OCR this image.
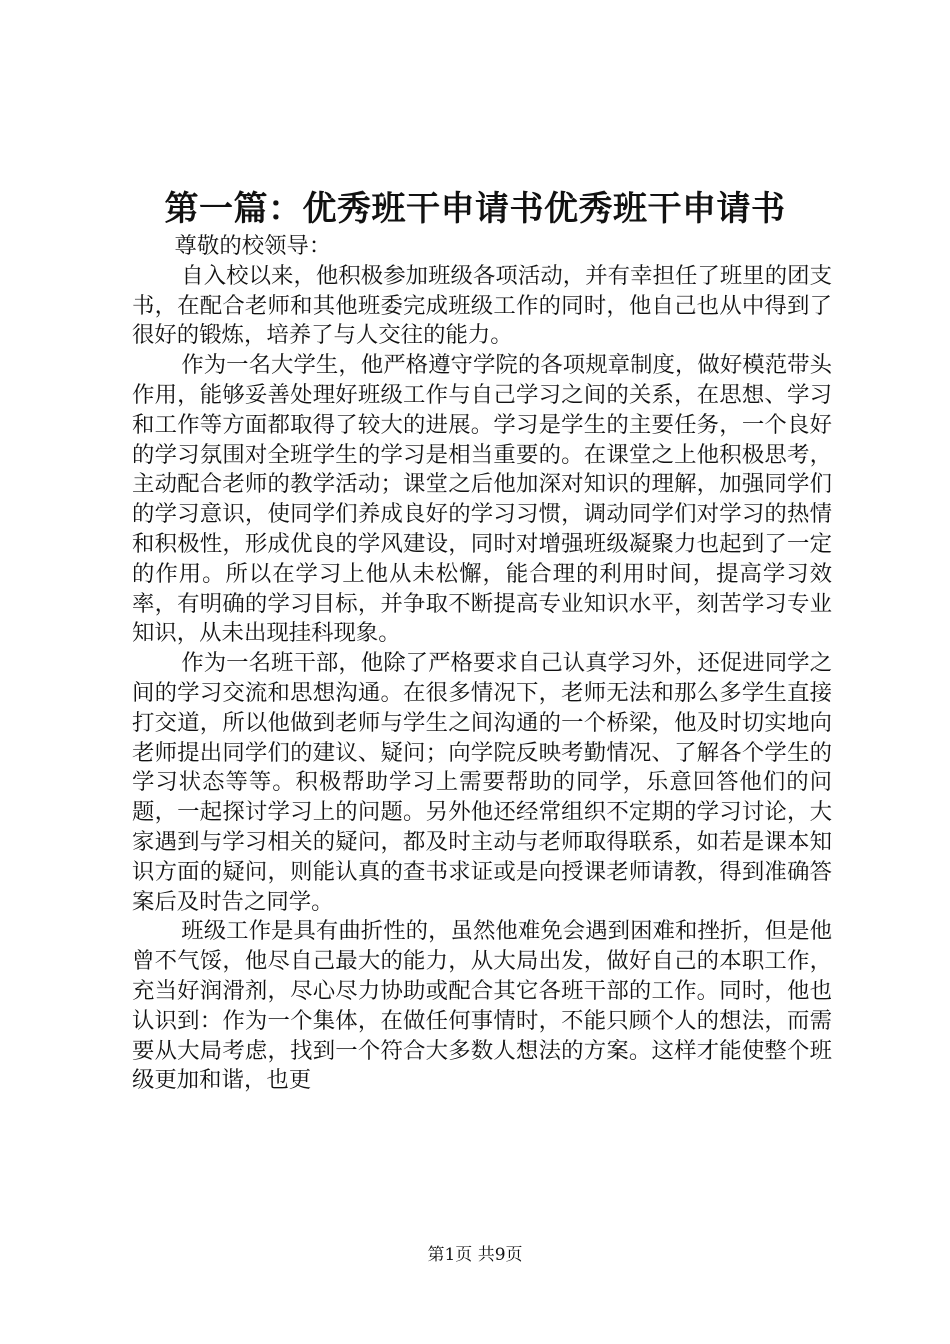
第一篇：优秀班干申请书优秀班干申请书

尊敬的校领导：

自入校以来，他积极参加班级各项活动，并有幸担任了班里的团支书，在配合老师和其他班委完成班级工作的同时，他自己也从中得到了很好的锻炼，培养了与人交往的能力。

作为一名大学生，他严格遵守学院的各项规章制度，做好模范带头作用，能够妥善处理好班级工作与自己学习之间的关系，在思想、学习和工作等方面都取得了较大的进展。学习是学生的主要任务，一个良好的学习氛围对全班学生的学习是相当重要的。在课堂之上他积极思考，主动配合老师的教学活动；课堂之后他加深对知识的理解，加强同学们的学习意识，使同学们养成良好的学习习惯，调动同学们对学习的热情和积极性，形成优良的学风建设，同时对增强班级凝聚力也起到了一定的作用。所以在学习上他从未松懈，能合理的利用时间，提高学习效率，有明确的学习目标，并争取不断提高专业知识水平，刻苦学习专业知识，从未出现挂科现象。

作为一名班干部，他除了严格要求自己认真学习外，还促进同学之间的学习交流和思想沟通。在很多情况下，老师无法和那么多学生直接打交道，所以他做到老师与学生之间沟通的一个桥梁，他及时切实地向老师提出同学们的建议、疑问；向学院反映考勤情况、了解各个学生的学习状态等等。积极帮助学习上需要帮助的同学，乐意回答他们的问题，一起探讨学习上的问题。另外他还经常组织不定期的学习讨论，大家遇到与学习相关的疑问，都及时主动与老师取得联系，如若是课本知识方面的疑问，则能认真的查书求证或是向授课老师请教，得到准确答案后及时告之同学。

班级工作是具有曲折性的，虽然他难免会遇到困难和挫折，但是他曾不气馁，他尽自己最大的能力，从大局出发，做好自己的本职工作，充当好润滑剂，尽心尽力协助或配合其它各班干部的工作。同时，他也认识到：作为一个集体，在做任何事情时，不能只顾个人的想法，而需要从大局考虑，找到一个符合大多数人想法的方案。这样才能使整个班级更加和谐，也更

第1页 共9页
